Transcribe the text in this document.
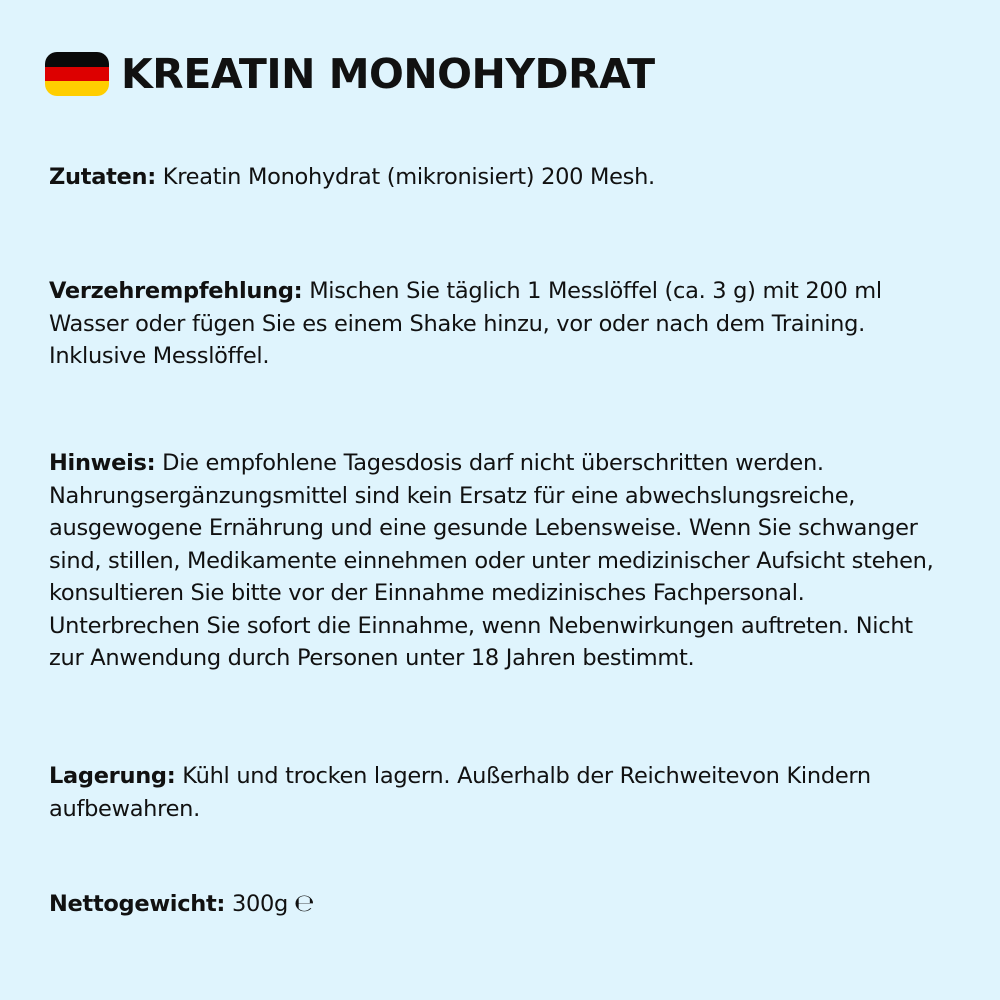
KREATIN MONOHYDRAT

Zutaten: Kreatin Monohydrat (mikronisiert) 200 Mesh.

Verzehrempfehlung: Mischen Sie täglich 1 Messlöffel (ca. 3 g) mit 200 ml Wasser oder fügen Sie es einem Shake hinzu, vor oder nach dem Training. Inklusive Messlöffel.

Hinweis: Die empfohlene Tagesdosis darf nicht überschritten werden. Nahrungsergänzungsmittel sind kein Ersatz für eine abwechslungsreiche, ausgewogene Ernährung und eine gesunde Lebensweise. Wenn Sie schwanger sind, stillen, Medikamente einnehmen oder unter medizinischer Aufsicht stehen, konsultieren Sie bitte vor der Einnahme medizinisches Fachpersonal. Unterbrechen Sie sofort die Einnahme, wenn Nebenwirkungen auftreten. Nicht zur Anwendung durch Personen unter 18 Jahren bestimmt.

Lagerung: Kühl und trocken lagern. Außerhalb der Reichweitevon Kindern aufbewahren.

Nettogewicht: 300g ℮
